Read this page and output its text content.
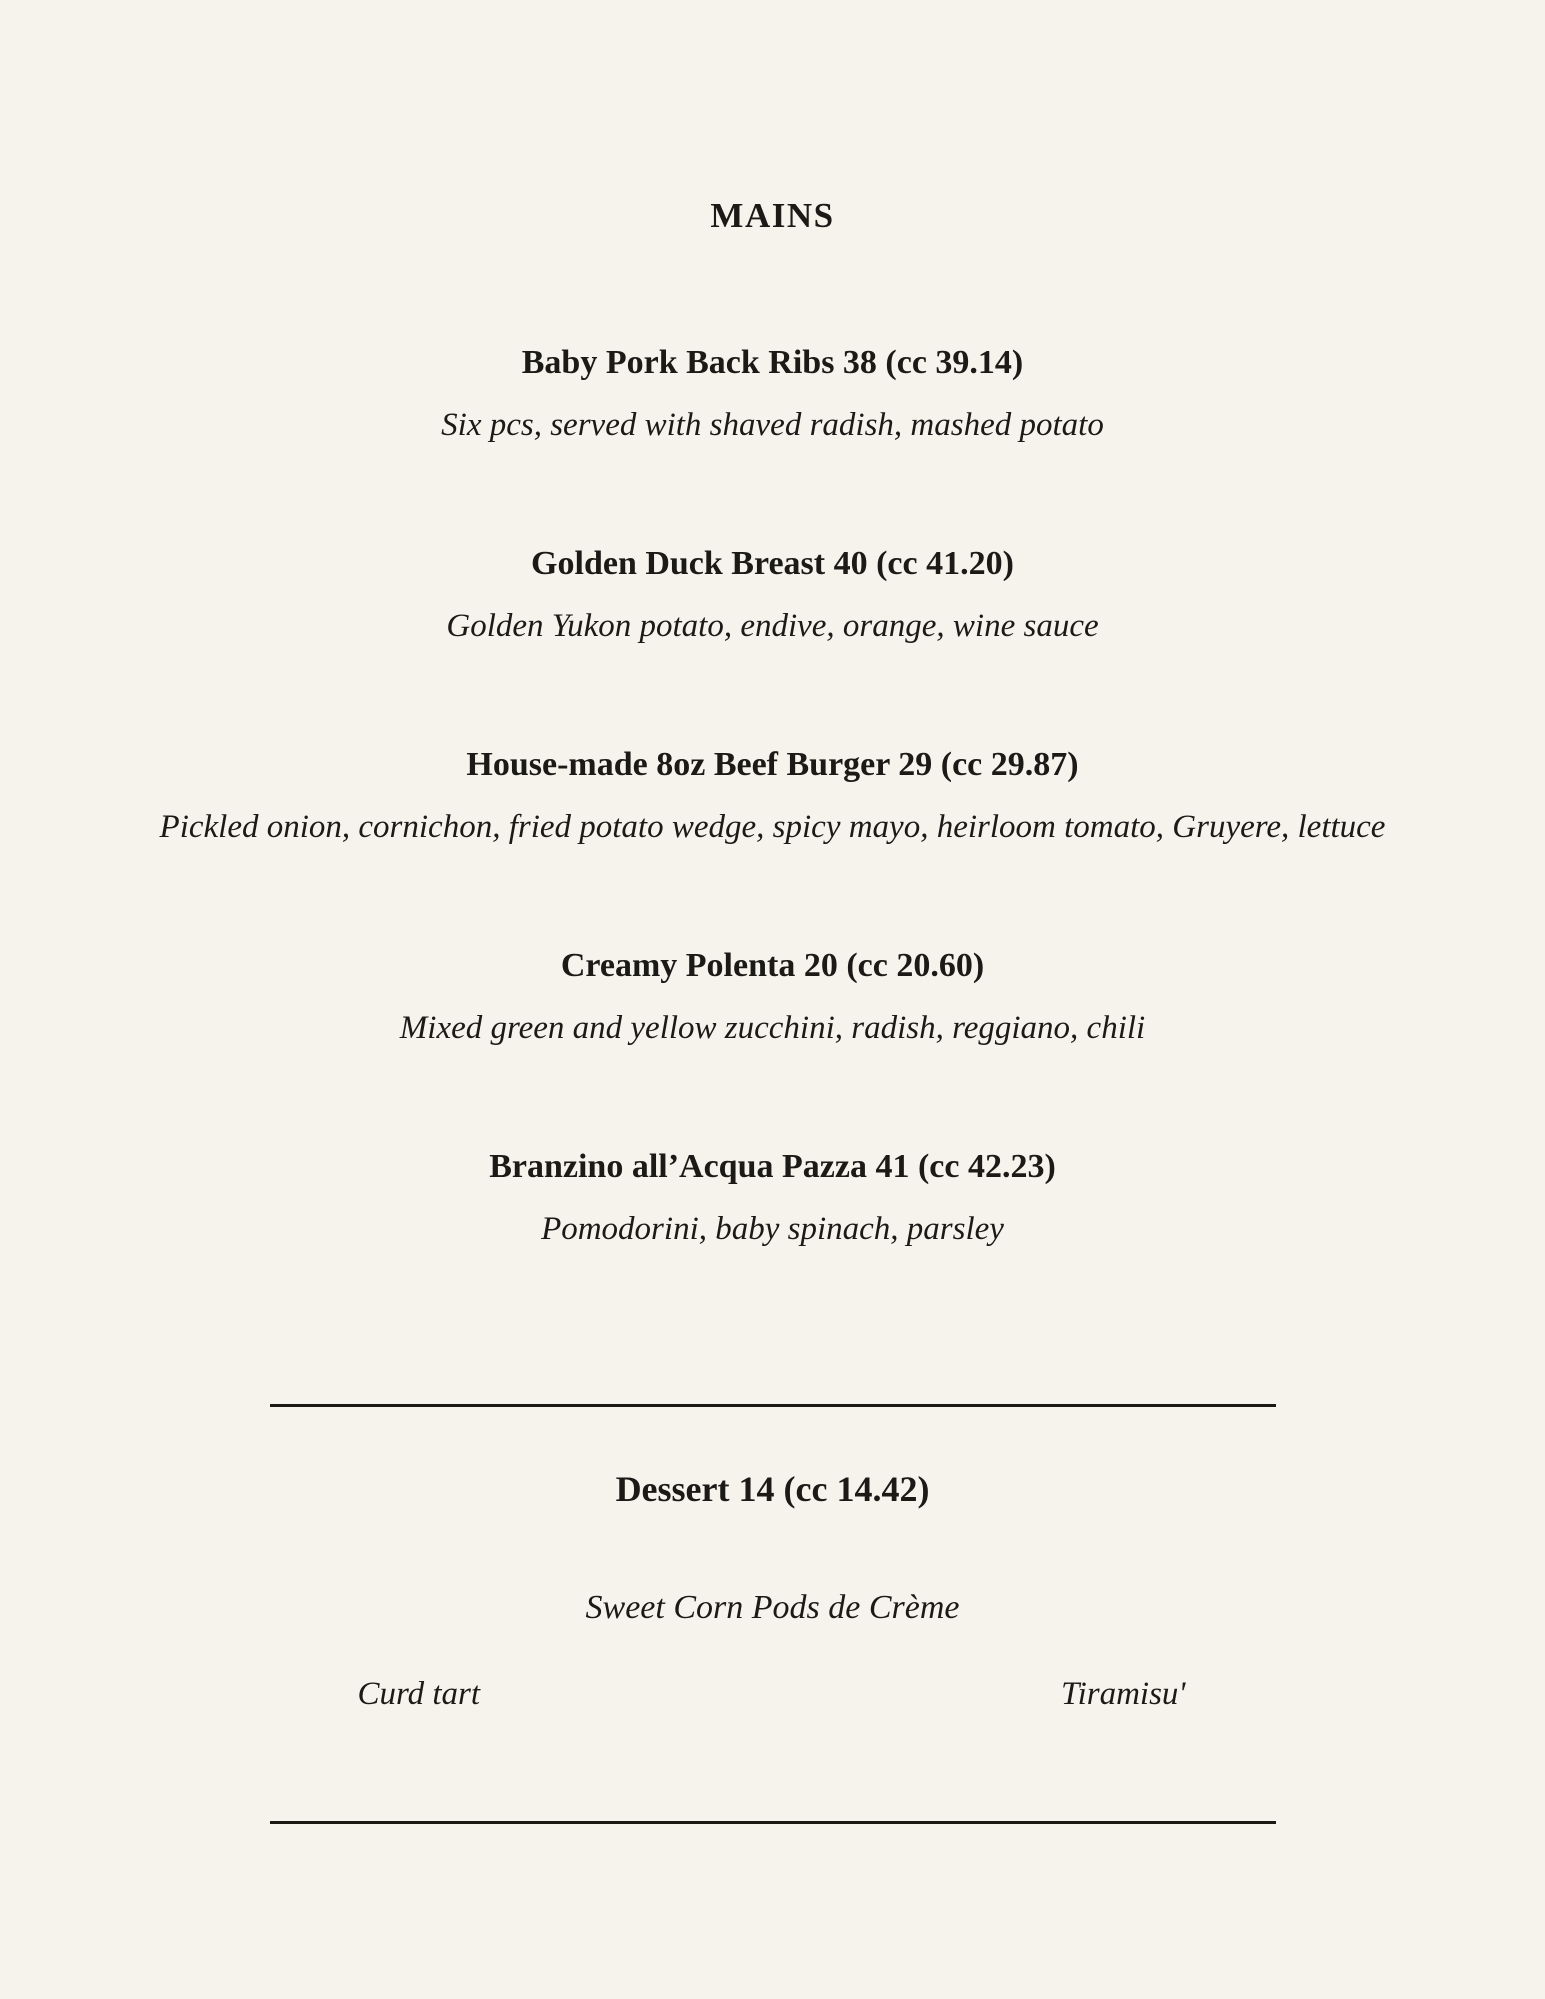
MAINS
Baby Pork Back Ribs 38 (cc 39.14)

Six pcs, served with shaved radish, mashed potato

Golden Duck Breast 40 (cc 41.20)

Golden Yukon potato, endive, orange, wine sauce

House-made 8oz Beef Burger 29 (cc 29.87)

Pickled onion, cornichon, fried potato wedge, spicy mayo, heirloom tomato, Gruyere, lettuce

Creamy Polenta 20 (cc 20.60)

Mixed green and yellow zucchini, radish, reggiano, chili

Branzino all’Acqua Pazza 41 (cc 42.23)

Pomodorini, baby spinach, parsley

Dessert 14 (cc 14.42)

Sweet Corn Pods de Crème

Curd tart	Tiramisu'
